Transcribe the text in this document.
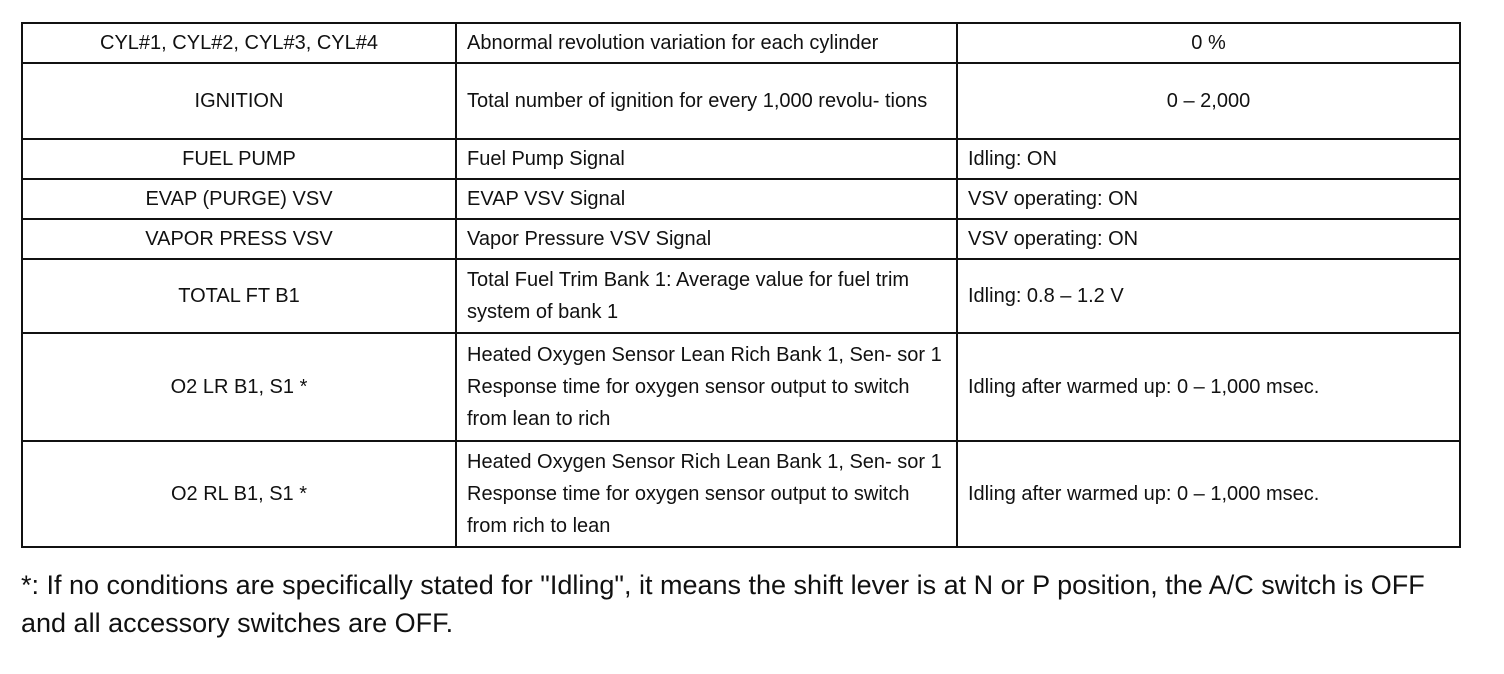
CYL#1, CYL#2, CYL#3, CYL#4	Abnormal revolution variation for each cylinder	0 %
IGNITION	Total number of ignition for every 1,000 revolu- tions	0 – 2,000
FUEL PUMP	Fuel Pump Signal	Idling: ON
EVAP (PURGE) VSV	EVAP VSV Signal	VSV operating: ON
VAPOR PRESS VSV	Vapor Pressure VSV Signal	VSV operating: ON
TOTAL FT B1	Total Fuel Trim Bank 1: Average value for fuel trim system of bank 1	Idling: 0.8 – 1.2 V
O2 LR B1, S1 *	Heated Oxygen Sensor Lean Rich Bank 1, Sen- sor 1 Response time for oxygen sensor output to switch from lean to rich	Idling after warmed up: 0 – 1,000 msec.
O2 RL B1, S1 *	Heated Oxygen Sensor Rich Lean Bank 1, Sen- sor 1 Response time for oxygen sensor output to switch from rich to lean	Idling after warmed up: 0 – 1,000 msec.
*: If no conditions are specifically stated for "Idling", it means the shift lever is at N or P position, the A/C switch is OFF and all accessory switches are OFF.
